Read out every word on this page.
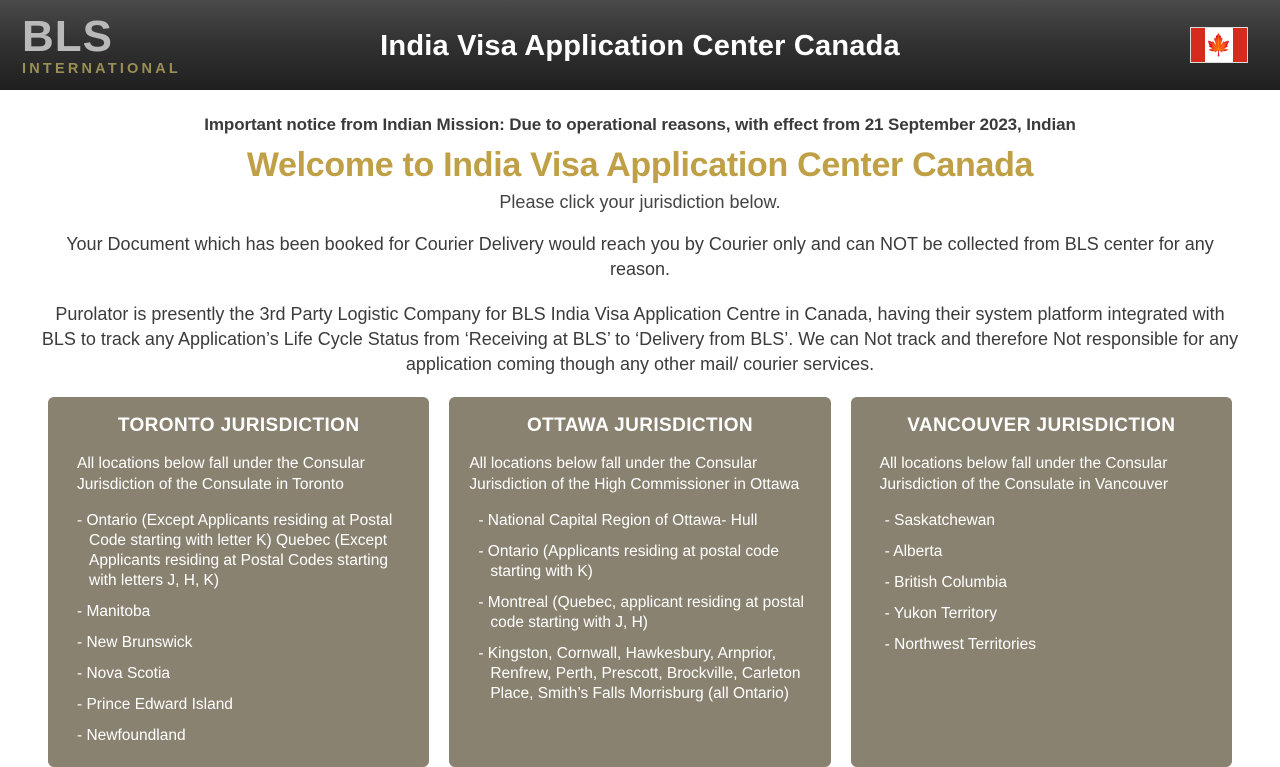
BLS
INTERNATIONAL
India Visa Application Center Canada	🍁
Important notice from Indian Mission: Due to operational reasons, with effect from 21 September 2023, Indian
Welcome to India Visa Application Center Canada
Please click your jurisdiction below.
Your Document which has been booked for Courier Delivery would reach you by Courier only and can NOT be collected from BLS center for any reason.
Purolator is presently the 3rd Party Logistic Company for BLS India Visa Application Centre in Canada, having their system platform integrated with BLS to track any Application’s Life Cycle Status from ‘Receiving at BLS’ to ‘Delivery from BLS’. We can Not track and therefore Not responsible for any application coming though any other mail/ courier services.
TORONTO JURISDICTION
All locations below fall under the Consular Jurisdiction of the Consulate in Toronto
- Ontario (Except Applicants residing at Postal Code starting with letter K) Quebec (Except Applicants residing at Postal Codes starting with letters J, H, K)
- Manitoba
- New Brunswick
- Nova Scotia
- Prince Edward Island
- Newfoundland
OTTAWA JURISDICTION
All locations below fall under the Consular Jurisdiction of the High Commissioner in Ottawa
- National Capital Region of Ottawa- Hull
- Ontario (Applicants residing at postal code starting with K)
- Montreal (Quebec, applicant residing at postal code starting with J, H)
- Kingston, Cornwall, Hawkesbury, Arnprior, Renfrew, Perth, Prescott, Brockville, Carleton Place, Smith’s Falls Morrisburg (all Ontario)
VANCOUVER JURISDICTION
All locations below fall under the Consular Jurisdiction of the Consulate in Vancouver
- Saskatchewan
- Alberta
- British Columbia
- Yukon Territory
- Northwest Territories
